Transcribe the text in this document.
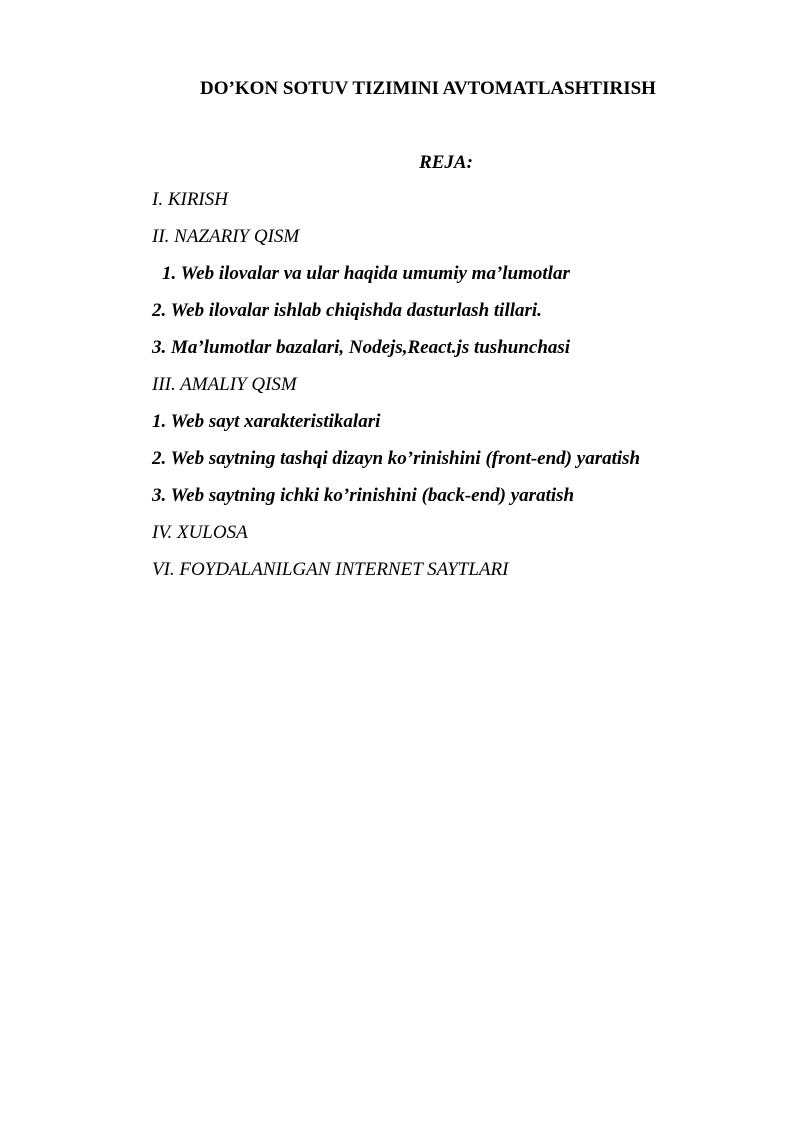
DO’KON SOTUV TIZIMINI AVTOMATLASHTIRISH
REJA:
I. KIRISH
II. NAZARIY QISM
1. Web ilovalar va ular haqida umumiy ma’lumotlar
2. Web ilovalar ishlab chiqishda dasturlash tillari.
3. Ma’lumotlar bazalari, Nodejs,React.js tushunchasi
III. AMALIY QISM
1. Web sayt xarakteristikalari
2. Web saytning tashqi dizayn ko’rinishini (front-end) yaratish
3. Web saytning ichki ko’rinishini (back-end) yaratish
IV. XULOSA
VI. FOYDALANILGAN INTERNET SAYTLARI
